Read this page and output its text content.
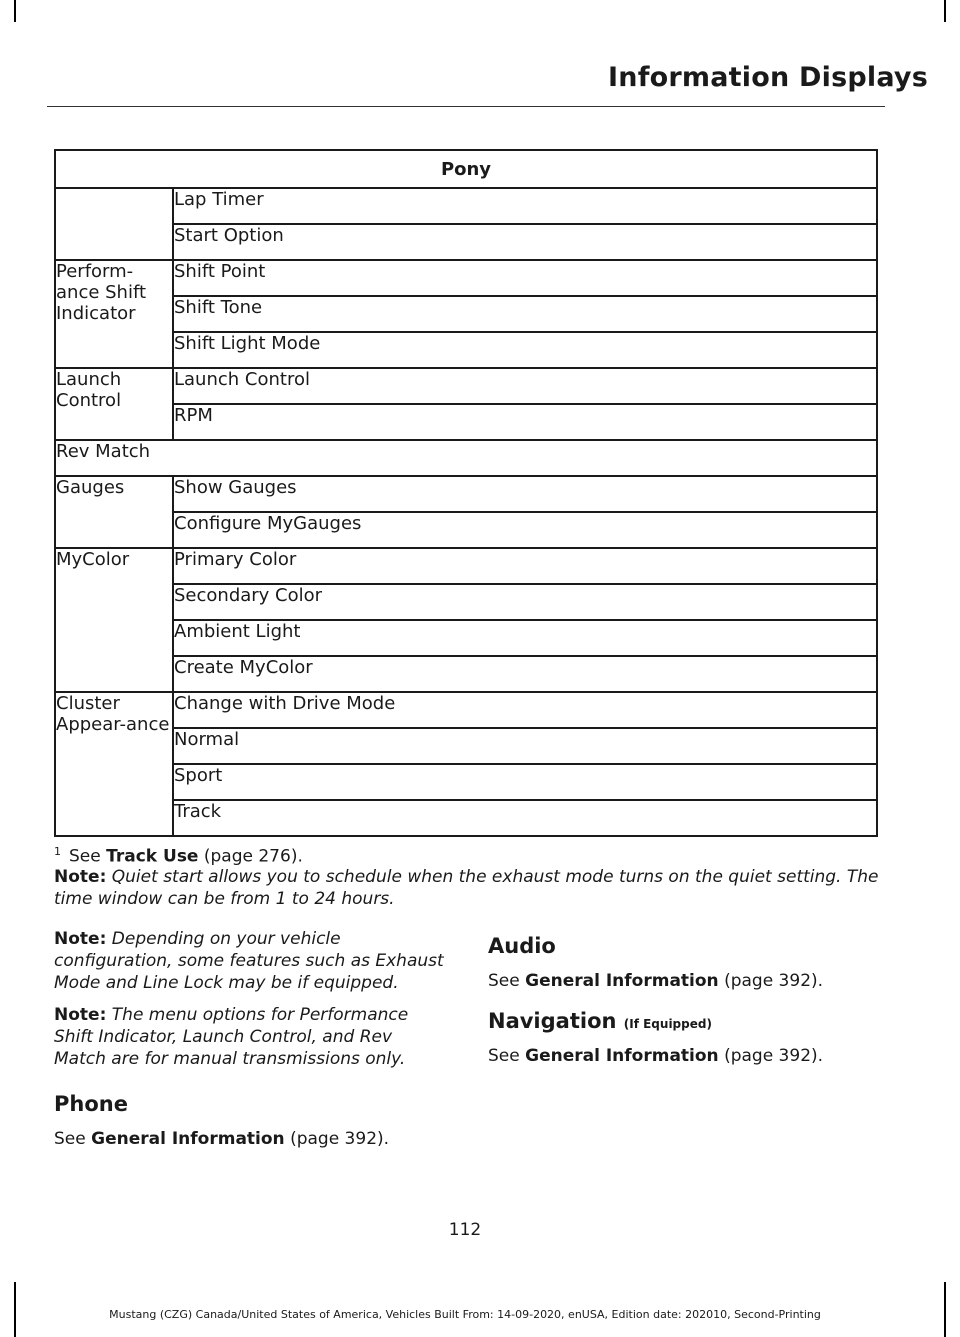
Information Displays
Pony	
	Lap Timer
	Start Option
Perform-ance Shift Indicator	Shift Point
	Shift Tone
	Shift Light Mode
Launch Control	Launch Control
	RPM
Rev Match	
Gauges	Show Gauges
	Configure MyGauges
MyColor	Primary Color
	Secondary Color
	Ambient Light
	Create MyColor
Cluster Appear-ance	Change with Drive Mode
	Normal
	Sport
	Track
$^1$ See Track Use (page 276).
Note: Quiet start allows you to schedule when the exhaust mode turns on the quiet setting. The time window can be from 1 to 24 hours.

Note: Depending on your vehicle configuration, some features such as Exhaust Mode and Line Lock may be if equipped.

Note: The menu options for Performance Shift Indicator, Launch Control, and Rev Match are for manual transmissions only.

Phone

See General Information (page 392).

Audio

See General Information (page 392).

Navigation (If Equipped)

See General Information (page 392).

112
Mustang (CZG) Canada/United States of America, Vehicles Built From: 14-09-2020, enUSA, Edition date: 202010, Second-Printing
